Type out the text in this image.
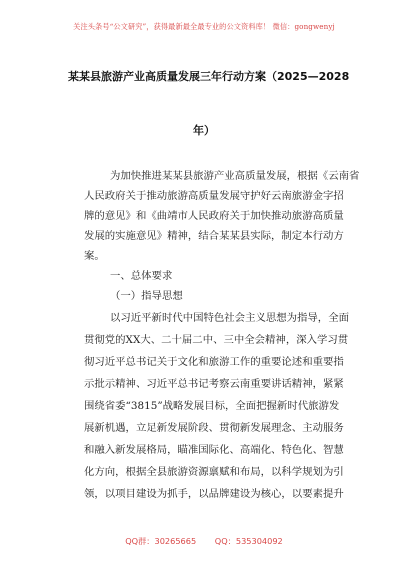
关注头条号“公文研究”，获得最新最全最专业的公文资料库！ 微信：gongwenyj
某某县旅游产业高质量发展三年行动方案（2025—2028
年）
为加快推进某某县旅游产业高质量发展，根据《云南省
人民政府关于推动旅游高质量发展守护好云南旅游金字招
牌的意见》和《曲靖市人民政府关于加快推动旅游高质量
发展的实施意见》精神，结合某某县实际，制定本行动方
案。
一、总体要求
（一）指导思想
以习近平新时代中国特色社会主义思想为指导，全面
贯彻党的XX大、二十届二中、三中全会精神，深入学习贯
彻习近平总书记关于文化和旅游工作的重要论述和重要指
示批示精神、习近平总书记考察云南重要讲话精神，紧紧
围绕省委“3815”战略发展目标，全面把握新时代旅游发
展新机遇，立足新发展阶段、贯彻新发展理念、主动服务
和融入新发展格局，瞄准国际化、高端化、特色化、智慧
化方向，根据全县旅游资源禀赋和布局，以科学规划为引
领，以项目建设为抓手，以品牌建设为核心，以要素提升
QQ群：30265665 QQ：535304092
